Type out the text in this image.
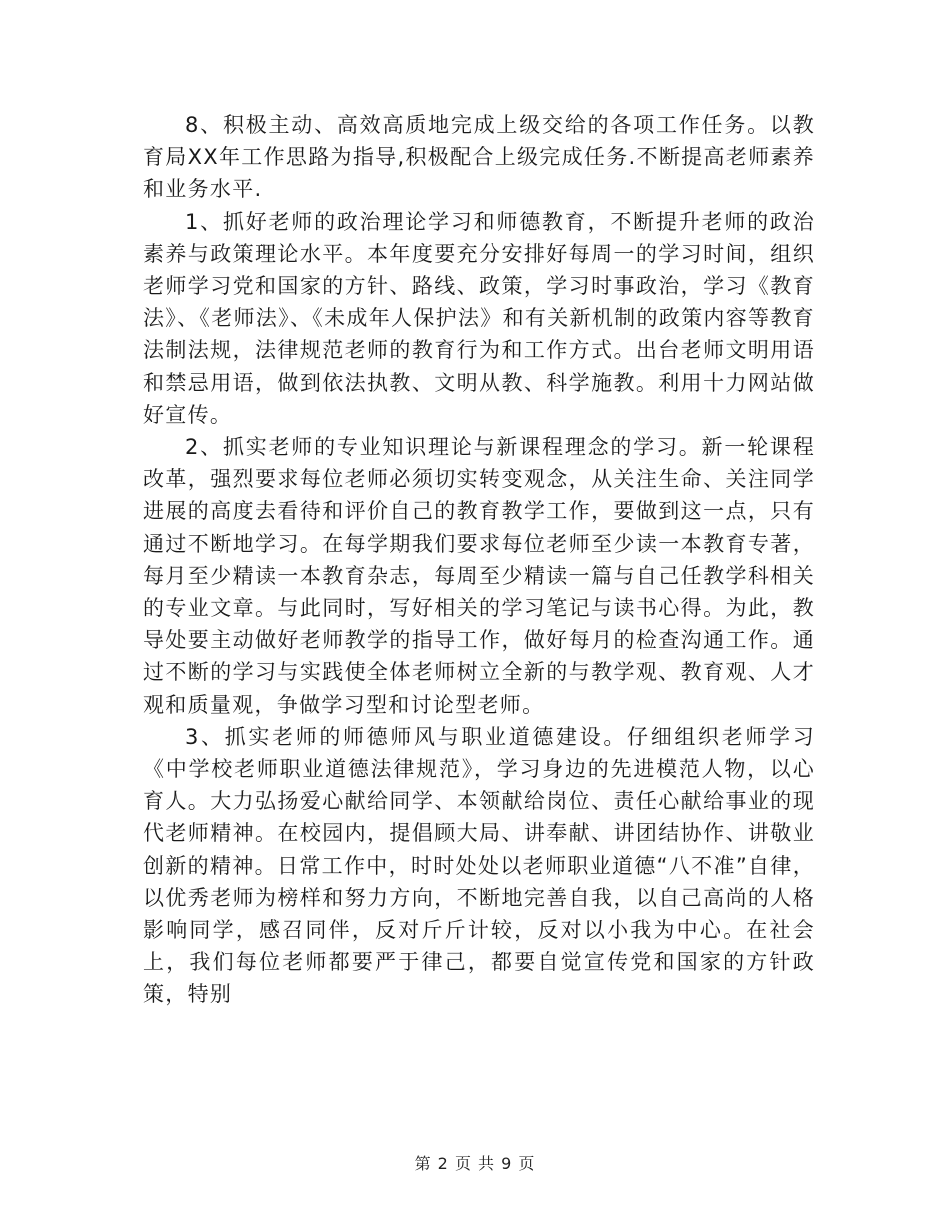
8、积极主动、高效高质地完成上级交给的各项工作任务。以教育局XX年工作思路为指导,积极配合上级完成任务.不断提高老师素养和业务水平.

1、抓好老师的政治理论学习和师德教育，不断提升老师的政治素养与政策理论水平。本年度要充分安排好每周一的学习时间，组织老师学习党和国家的方针、路线、政策，学习时事政治，学习《教育法》、《老师法》、《未成年人保护法》和有关新机制的政策内容等教育法制法规，法律规范老师的教育行为和工作方式。出台老师文明用语和禁忌用语，做到依法执教、文明从教、科学施教。利用十力网站做好宣传。

2、抓实老师的专业知识理论与新课程理念的学习。新一轮课程改革，强烈要求每位老师必须切实转变观念，从关注生命、关注同学进展的高度去看待和评价自己的教育教学工作，要做到这一点，只有通过不断地学习。在每学期我们要求每位老师至少读一本教育专著，每月至少精读一本教育杂志，每周至少精读一篇与自己任教学科相关的专业文章。与此同时，写好相关的学习笔记与读书心得。为此，教导处要主动做好老师教学的指导工作，做好每月的检查沟通工作。通过不断的学习与实践使全体老师树立全新的与教学观、教育观、人才观和质量观，争做学习型和讨论型老师。

3、抓实老师的师德师风与职业道德建设。仔细组织老师学习《中学校老师职业道德法律规范》，学习身边的先进模范人物，以心育人。大力弘扬爱心献给同学、本领献给岗位、责任心献给事业的现代老师精神。在校园内，提倡顾大局、讲奉献、讲团结协作、讲敬业创新的精神。日常工作中，时时处处以老师职业道德“八不准”自律，以优秀老师为榜样和努力方向，不断地完善自我，以自己高尚的人格影响同学，感召同伴，反对斤斤计较，反对以小我为中心。在社会上，我们每位老师都要严于律己，都要自觉宣传党和国家的方针政策，特别

第 2 页 共 9 页
